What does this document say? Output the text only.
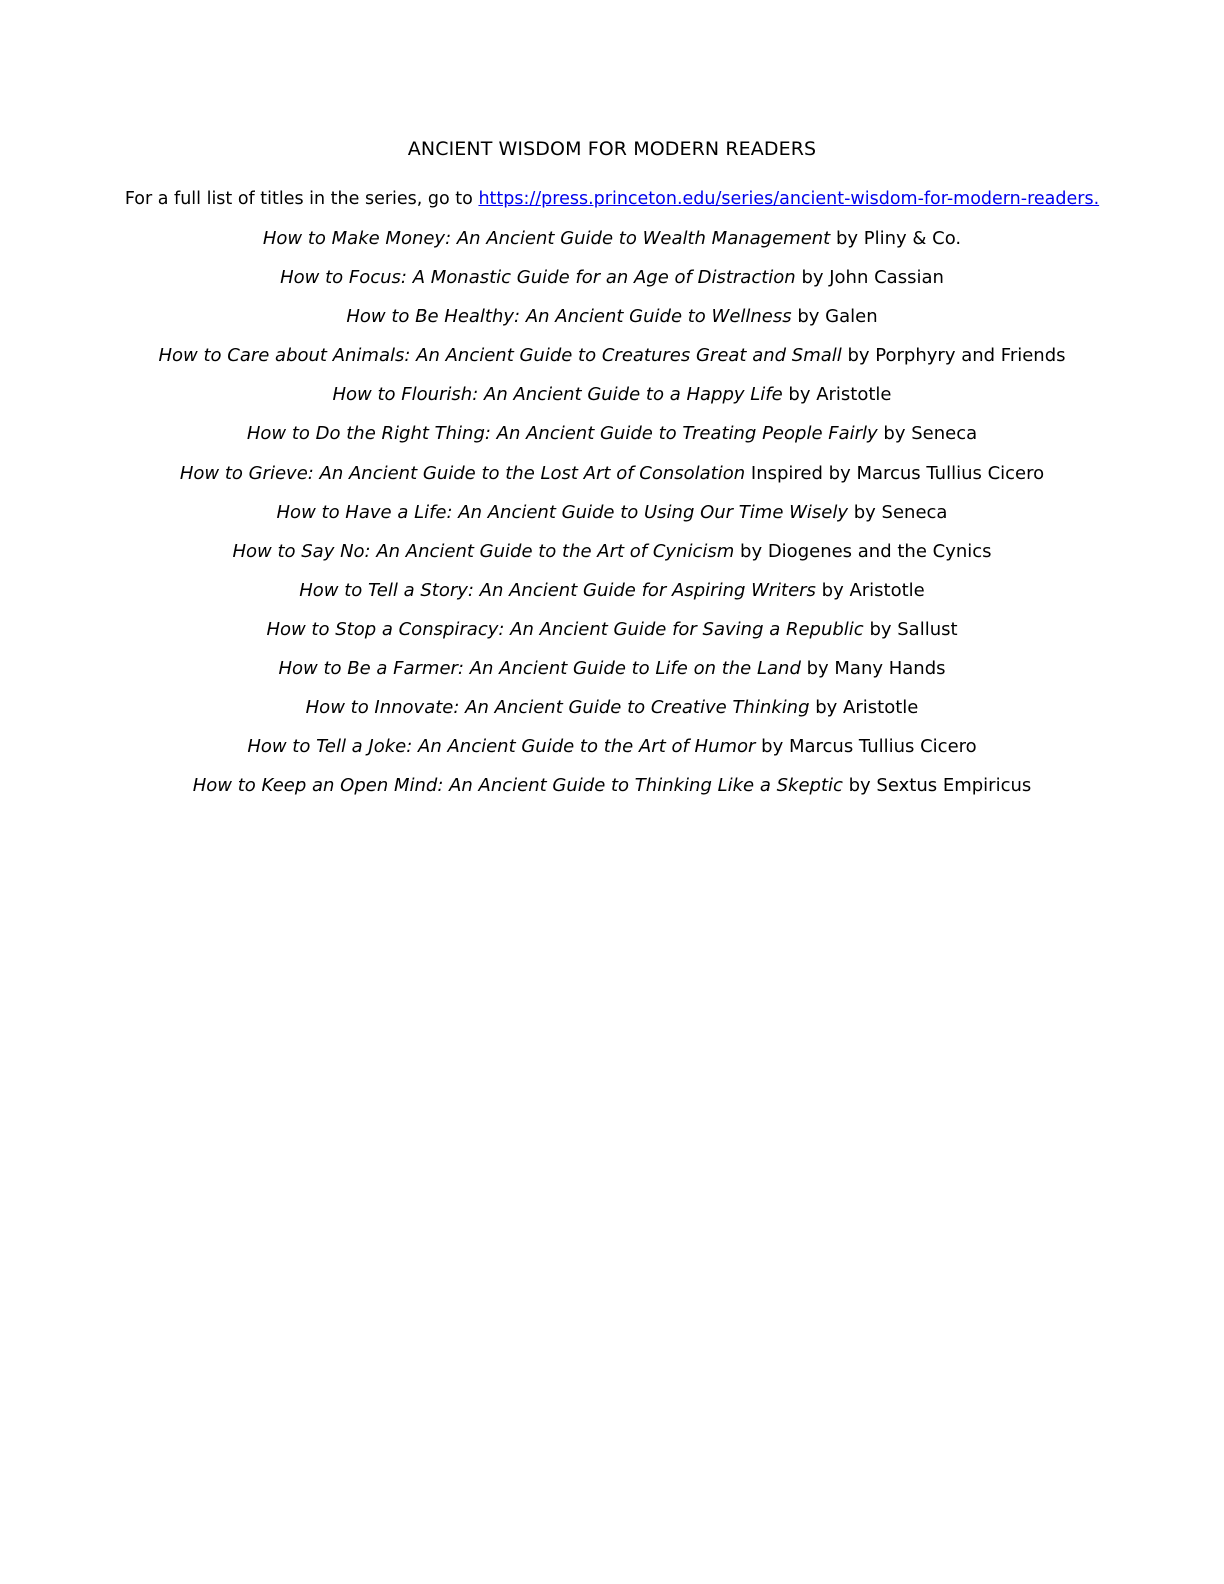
ANCIENT WISDOM FOR MODERN READERS

For a full list of titles in the series, go to https://press.princeton.edu/series/ancient-wisdom-for-modern-readers.

How to Make Money: An Ancient Guide to Wealth Management by Pliny & Co.
How to Focus: A Monastic Guide for an Age of Distraction by John Cassian
How to Be Healthy: An Ancient Guide to Wellness by Galen
How to Care about Animals: An Ancient Guide to Creatures Great and Small by Porphyry and Friends
How to Flourish: An Ancient Guide to a Happy Life by Aristotle
How to Do the Right Thing: An Ancient Guide to Treating People Fairly by Seneca
How to Grieve: An Ancient Guide to the Lost Art of Consolation Inspired by Marcus Tullius Cicero
How to Have a Life: An Ancient Guide to Using Our Time Wisely by Seneca
How to Say No: An Ancient Guide to the Art of Cynicism by Diogenes and the Cynics
How to Tell a Story: An Ancient Guide for Aspiring Writers by Aristotle
How to Stop a Conspiracy: An Ancient Guide for Saving a Republic by Sallust
How to Be a Farmer: An Ancient Guide to Life on the Land by Many Hands
How to Innovate: An Ancient Guide to Creative Thinking by Aristotle
How to Tell a Joke: An Ancient Guide to the Art of Humor by Marcus Tullius Cicero
How to Keep an Open Mind: An Ancient Guide to Thinking Like a Skeptic by Sextus Empiricus
